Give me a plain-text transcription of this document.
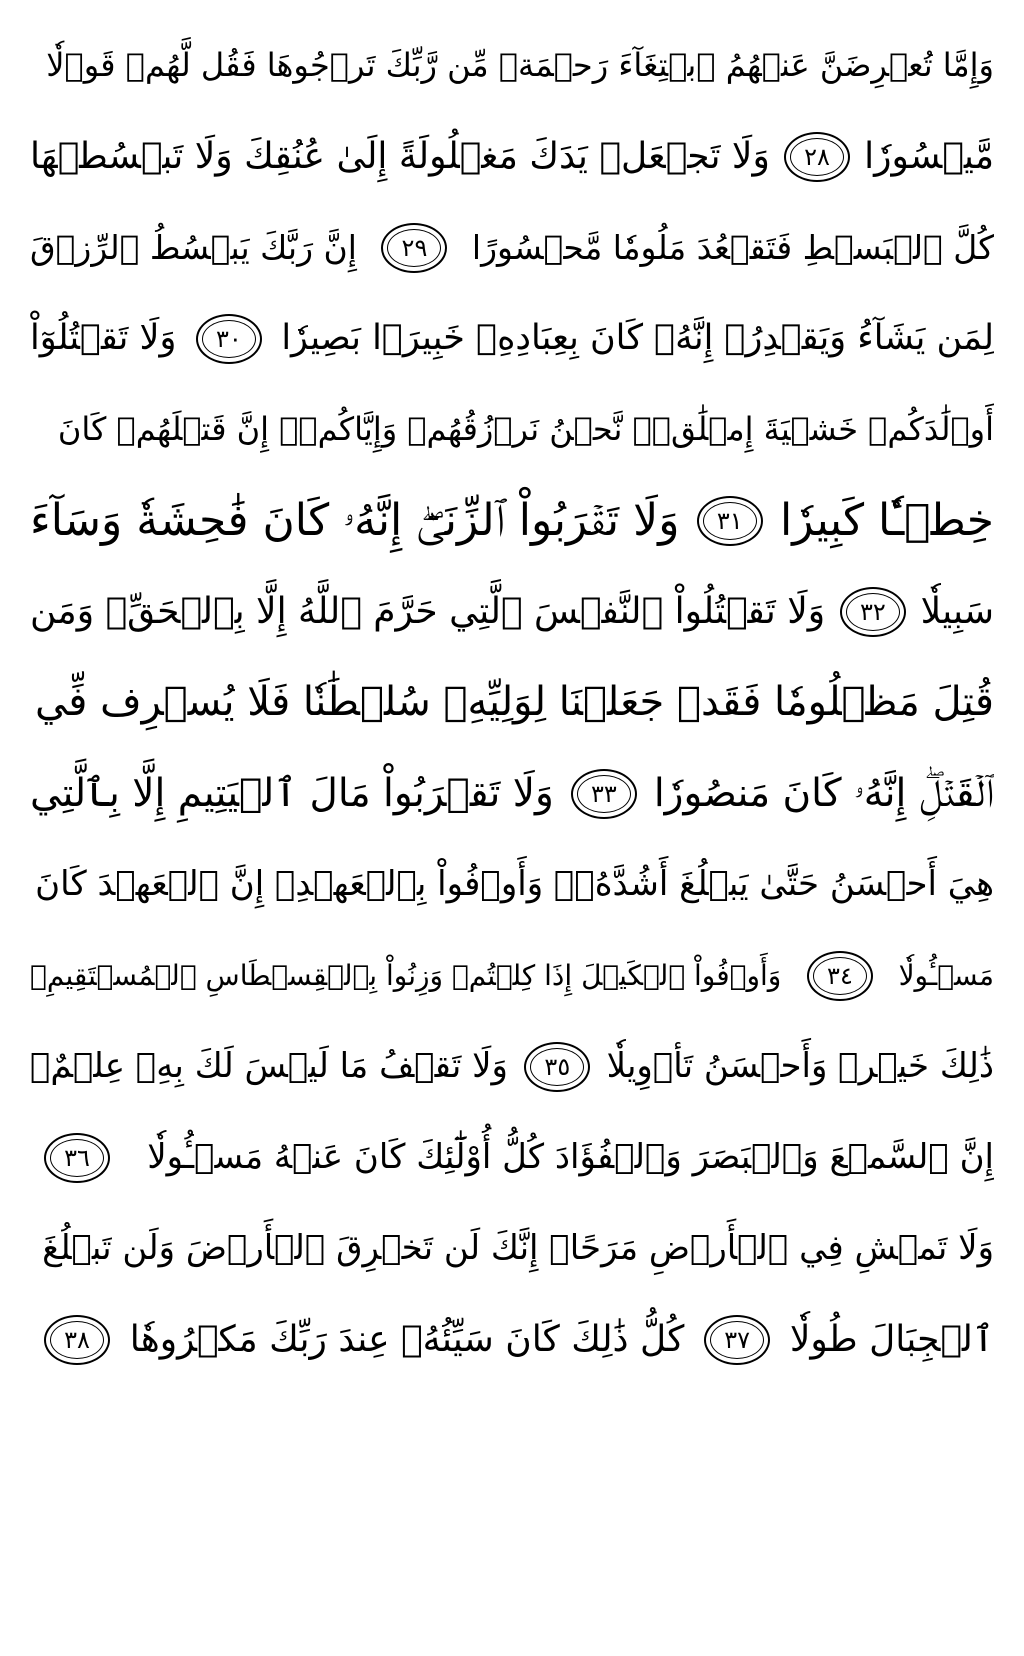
وَإِمَّا تُعۡرِضَنَّ عَنۡهُمُ ٱبۡتِغَآءَ رَحۡمَةٖ مِّن رَّبِّكَ تَرۡجُوهَا فَقُل لَّهُمۡ قَوۡلٗا
مَّيۡسُورٗا
٢٨
وَلَا تَجۡعَلۡ يَدَكَ مَغۡلُولَةً إِلَىٰ عُنُقِكَ وَلَا تَبۡسُطۡهَا
كُلَّ ٱلۡبَسۡطِ فَتَقۡعُدَ مَلُومٗا مَّحۡسُورًا
٢٩
إِنَّ رَبَّكَ يَبۡسُطُ ٱلرِّزۡقَ
لِمَن يَشَآءُ وَيَقۡدِرُۚ إِنَّهُۥ كَانَ بِعِبَادِهِۦ خَبِيرَۢا بَصِيرٗا
٣٠
وَلَا تَقۡتُلُوٓاْ
أَوۡلَٰدَكُمۡ خَشۡيَةَ إِمۡلَٰقٖۖ نَّحۡنُ نَرۡزُقُهُمۡ وَإِيَّاكُمۡۚ إِنَّ قَتۡلَهُمۡ كَانَ
خِطۡـٔٗا كَبِيرٗا
٣١
وَلَا تَقۡرَبُواْ ٱلزِّنَىٰٓۖ إِنَّهُۥ كَانَ فَٰحِشَةٗ وَسَآءَ
سَبِيلٗا
٣٢
وَلَا تَقۡتُلُواْ ٱلنَّفۡسَ ٱلَّتِي حَرَّمَ ٱللَّهُ إِلَّا بِٱلۡحَقِّۗ وَمَن
قُتِلَ مَظۡلُومٗا فَقَدۡ جَعَلۡنَا لِوَلِيِّهِۦ سُلۡطَٰنٗا فَلَا يُسۡرِف فِّي
ٱلۡقَتۡلِۖ إِنَّهُۥ كَانَ مَنصُورٗا
٣٣
وَلَا تَقۡرَبُواْ مَالَ ٱلۡيَتِيمِ إِلَّا بِٱلَّتِي
هِيَ أَحۡسَنُ حَتَّىٰ يَبۡلُغَ أَشُدَّهُۥۚ وَأَوۡفُواْ بِٱلۡعَهۡدِۖ إِنَّ ٱلۡعَهۡدَ كَانَ
مَسۡـُٔولٗا
٣٤
وَأَوۡفُواْ ٱلۡكَيۡلَ إِذَا كِلۡتُمۡ وَزِنُواْ بِٱلۡقِسۡطَاسِ ٱلۡمُسۡتَقِيمِۚ
ذَٰلِكَ خَيۡرٞ وَأَحۡسَنُ تَأۡوِيلٗا
٣٥
وَلَا تَقۡفُ مَا لَيۡسَ لَكَ بِهِۦ عِلۡمٌۚ
إِنَّ ٱلسَّمۡعَ وَٱلۡبَصَرَ وَٱلۡفُؤَادَ كُلُّ أُوْلَٰٓئِكَ كَانَ عَنۡهُ مَسۡـُٔولٗا
٣٦
وَلَا تَمۡشِ فِي ٱلۡأَرۡضِ مَرَحًاۖ إِنَّكَ لَن تَخۡرِقَ ٱلۡأَرۡضَ وَلَن تَبۡلُغَ
ٱلۡجِبَالَ طُولٗا
٣٧
كُلُّ ذَٰلِكَ كَانَ سَيِّئُهُۥ عِندَ رَبِّكَ مَكۡرُوهٗا
٣٨
